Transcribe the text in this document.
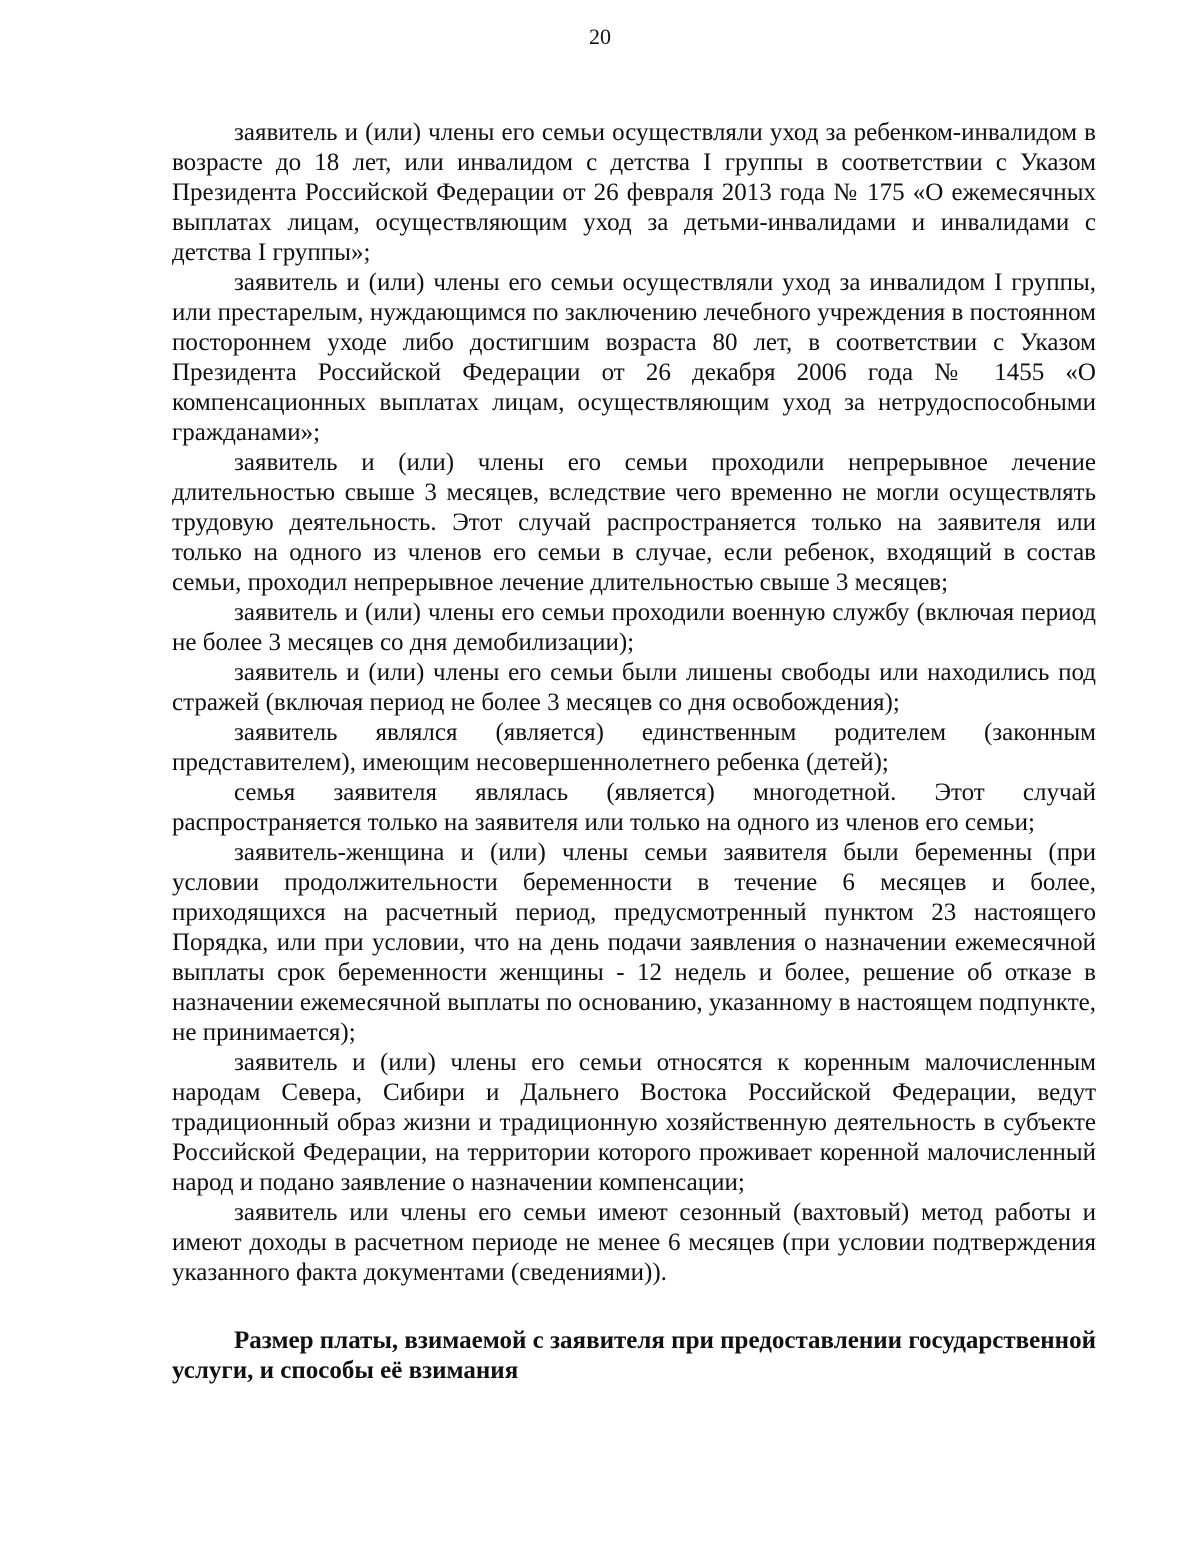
20

заявитель и (или) члены его семьи осуществляли уход за ребенком-инвалидом в возрасте до 18 лет, или инвалидом с детства I группы в соответствии с Указом Президента Российской Федерации от 26 февраля 2013 года № 175 «О ежемесячных выплатах лицам, осуществляющим уход за детьми-инвалидами и инвалидами с детства I группы»;

заявитель и (или) члены его семьи осуществляли уход за инвалидом I группы, или престарелым, нуждающимся по заключению лечебного учреждения в постоянном постороннем уходе либо достигшим возраста 80 лет, в соответствии с Указом Президента Российской Федерации от 26 декабря 2006 года № 1455 «О компенсационных выплатах лицам, осуществляющим уход за нетрудоспособными гражданами»;

заявитель и (или) члены его семьи проходили непрерывное лечение длительностью свыше 3 месяцев, вследствие чего временно не могли осуществлять трудовую деятельность. Этот случай распространяется только на заявителя или только на одного из членов его семьи в случае, если ребенок, входящий в состав семьи, проходил непрерывное лечение длительностью свыше 3 месяцев;

заявитель и (или) члены его семьи проходили военную службу (включая период не более 3 месяцев со дня демобилизации);

заявитель и (или) члены его семьи были лишены свободы или находились под стражей (включая период не более 3 месяцев со дня освобождения);

заявитель являлся (является) единственным родителем (законным представителем), имеющим несовершеннолетнего ребенка (детей);

семья заявителя являлась (является) многодетной. Этот случай распространяется только на заявителя или только на одного из членов его семьи;

заявитель-женщина и (или) члены семьи заявителя были беременны (при условии продолжительности беременности в течение 6 месяцев и более, приходящихся на расчетный период, предусмотренный пунктом 23 настоящего Порядка, или при условии, что на день подачи заявления о назначении ежемесячной выплаты срок беременности женщины - 12 недель и более, решение об отказе в назначении ежемесячной выплаты по основанию, указанному в настоящем подпункте, не принимается);

заявитель и (или) члены его семьи относятся к коренным малочисленным народам Севера, Сибири и Дальнего Востока Российской Федерации, ведут традиционный образ жизни и традиционную хозяйственную деятельность в субъекте Российской Федерации, на территории которого проживает коренной малочисленный народ и подано заявление о назначении компенсации;

заявитель или члены его семьи имеют сезонный (вахтовый) метод работы и имеют доходы в расчетном периоде не менее 6 месяцев (при условии подтверждения указанного факта документами (сведениями)).

Размер платы, взимаемой с заявителя при предоставлении государственной услуги, и способы её взимания
